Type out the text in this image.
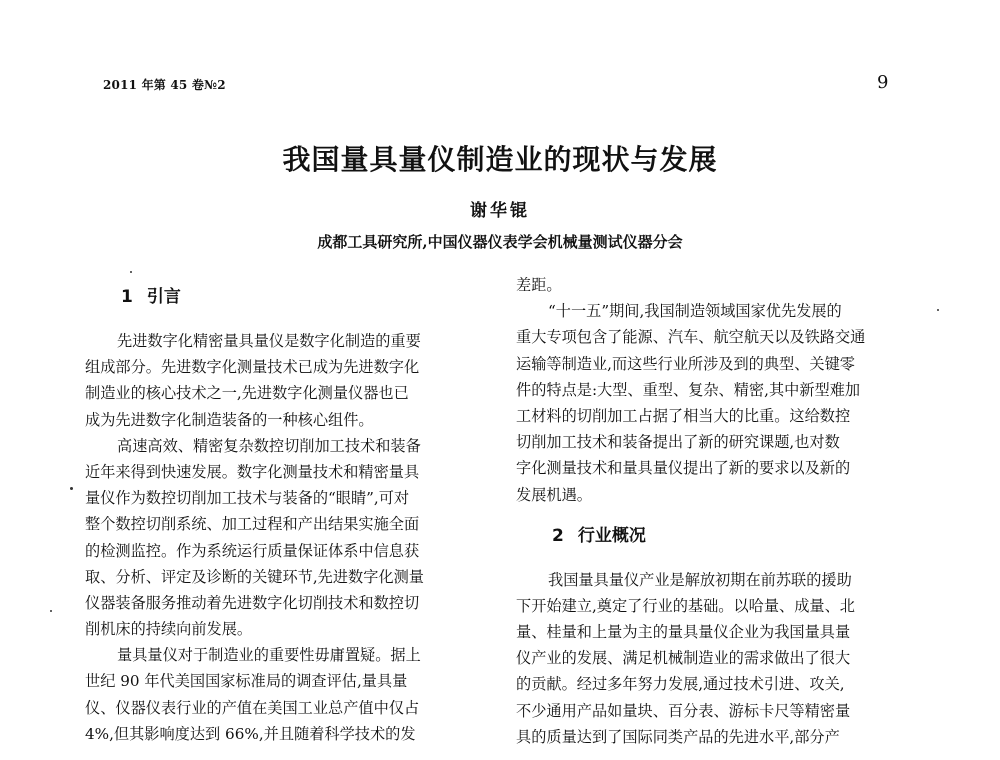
2011 年第 45 卷№2	9
我国量具量仪制造业的现状与发展
谢华锟
成都工具研究所,中国仪器仪表学会机械量测试仪器分会
1 引言
先进数字化精密量具量仪是数字化制造的重要
组成部分。先进数字化测量技术已成为先进数字化
制造业的核心技术之一,先进数字化测量仪器也已
成为先进数字化制造装备的一种核心组件。
高速高效、精密复杂数控切削加工技术和装备
近年来得到快速发展。数字化测量技术和精密量具
量仪作为数控切削加工技术与装备的“眼睛”,可对
整个数控切削系统、加工过程和产出结果实施全面
的检测监控。作为系统运行质量保证体系中信息获
取、分析、评定及诊断的关键环节,先进数字化测量
仪器装备服务推动着先进数字化切削技术和数控切
削机床的持续向前发展。
量具量仪对于制造业的重要性毋庸置疑。据上
世纪 90 年代美国国家标准局的调查评估,量具量
仪、仪器仪表行业的产值在美国工业总产值中仅占
4%,但其影响度达到 66%,并且随着科学技术的发
差距。
“十一五”期间,我国制造领域国家优先发展的
重大专项包含了能源、汽车、航空航天以及铁路交通
运输等制造业,而这些行业所涉及到的典型、关键零
件的特点是:大型、重型、复杂、精密,其中新型难加
工材料的切削加工占据了相当大的比重。这给数控
切削加工技术和装备提出了新的研究课题,也对数
字化测量技术和量具量仪提出了新的要求以及新的
发展机遇。
2 行业概况
我国量具量仪产业是解放初期在前苏联的援助
下开始建立,奠定了行业的基础。以哈量、成量、北
量、桂量和上量为主的量具量仪企业为我国量具量
仪产业的发展、满足机械制造业的需求做出了很大
的贡献。经过多年努力发展,通过技术引进、攻关,
不少通用产品如量块、百分表、游标卡尺等精密量
具的质量达到了国际同类产品的先进水平,部分产
